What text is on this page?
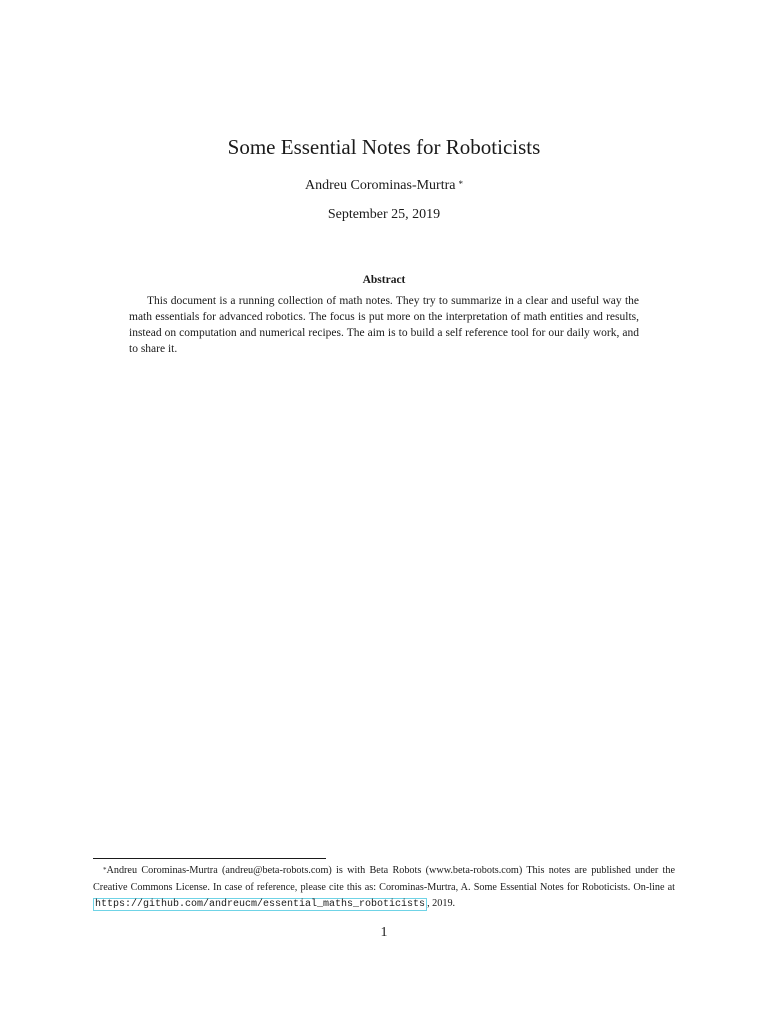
Some Essential Notes for Roboticists
Andreu Corominas-Murtra *
September 25, 2019
Abstract

This document is a running collection of math notes. They try to summarize in a clear and useful way the math essentials for advanced robotics. The focus is put more on the interpretation of math entities and results, instead on computation and numerical recipes. The aim is to build a self reference tool for our daily work, and to share it.

*Andreu Corominas-Murtra (andreu@beta-robots.com) is with Beta Robots (www.beta-robots.com) This notes are published under the Creative Commons License. In case of reference, please cite this as: Corominas-Murtra, A. Some Essential Notes for Roboticists. On-line at https://github.com/andreucm/essential_maths_roboticists , 2019.

1
